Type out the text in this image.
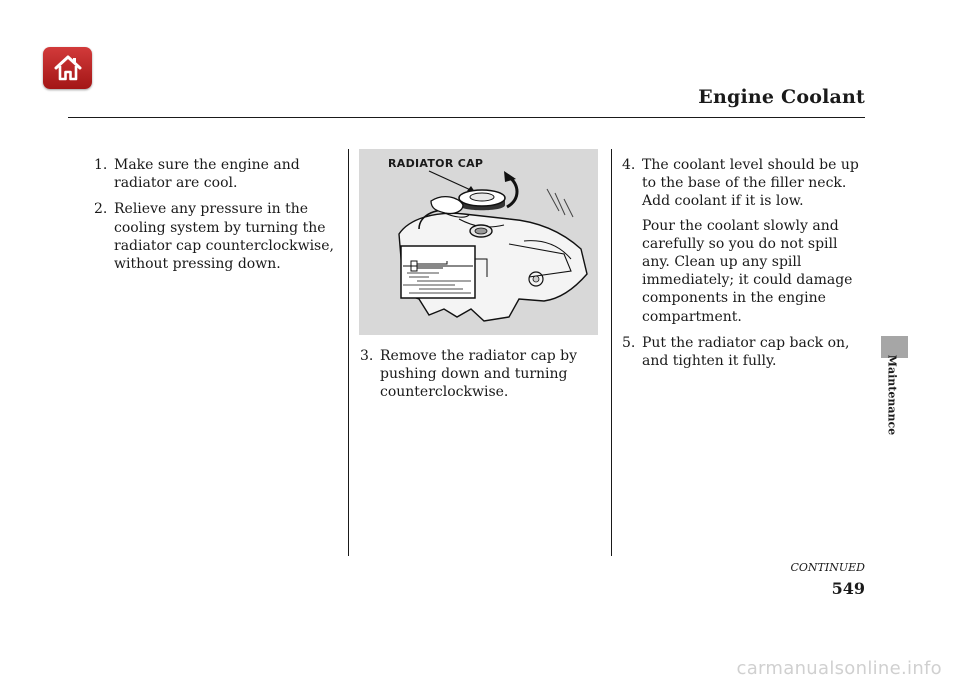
Engine Coolant
1. Make sure the engine and radiator are cool.

2. Relieve any pressure in the cooling system by turning the radiator cap counterclockwise, without pressing down.

RADIATOR CAP
3. Remove the radiator cap by pushing down and turning counterclockwise.

4. The coolant level should be up to the base of the filler neck. Add coolant if it is low.

Pour the coolant slowly and carefully so you do not spill any. Clean up any spill immediately; it could damage components in the engine compartment.

5. Put the radiator cap back on, and tighten it fully.	Maintenance
CONTINUED
549
carmanualsonline.info
